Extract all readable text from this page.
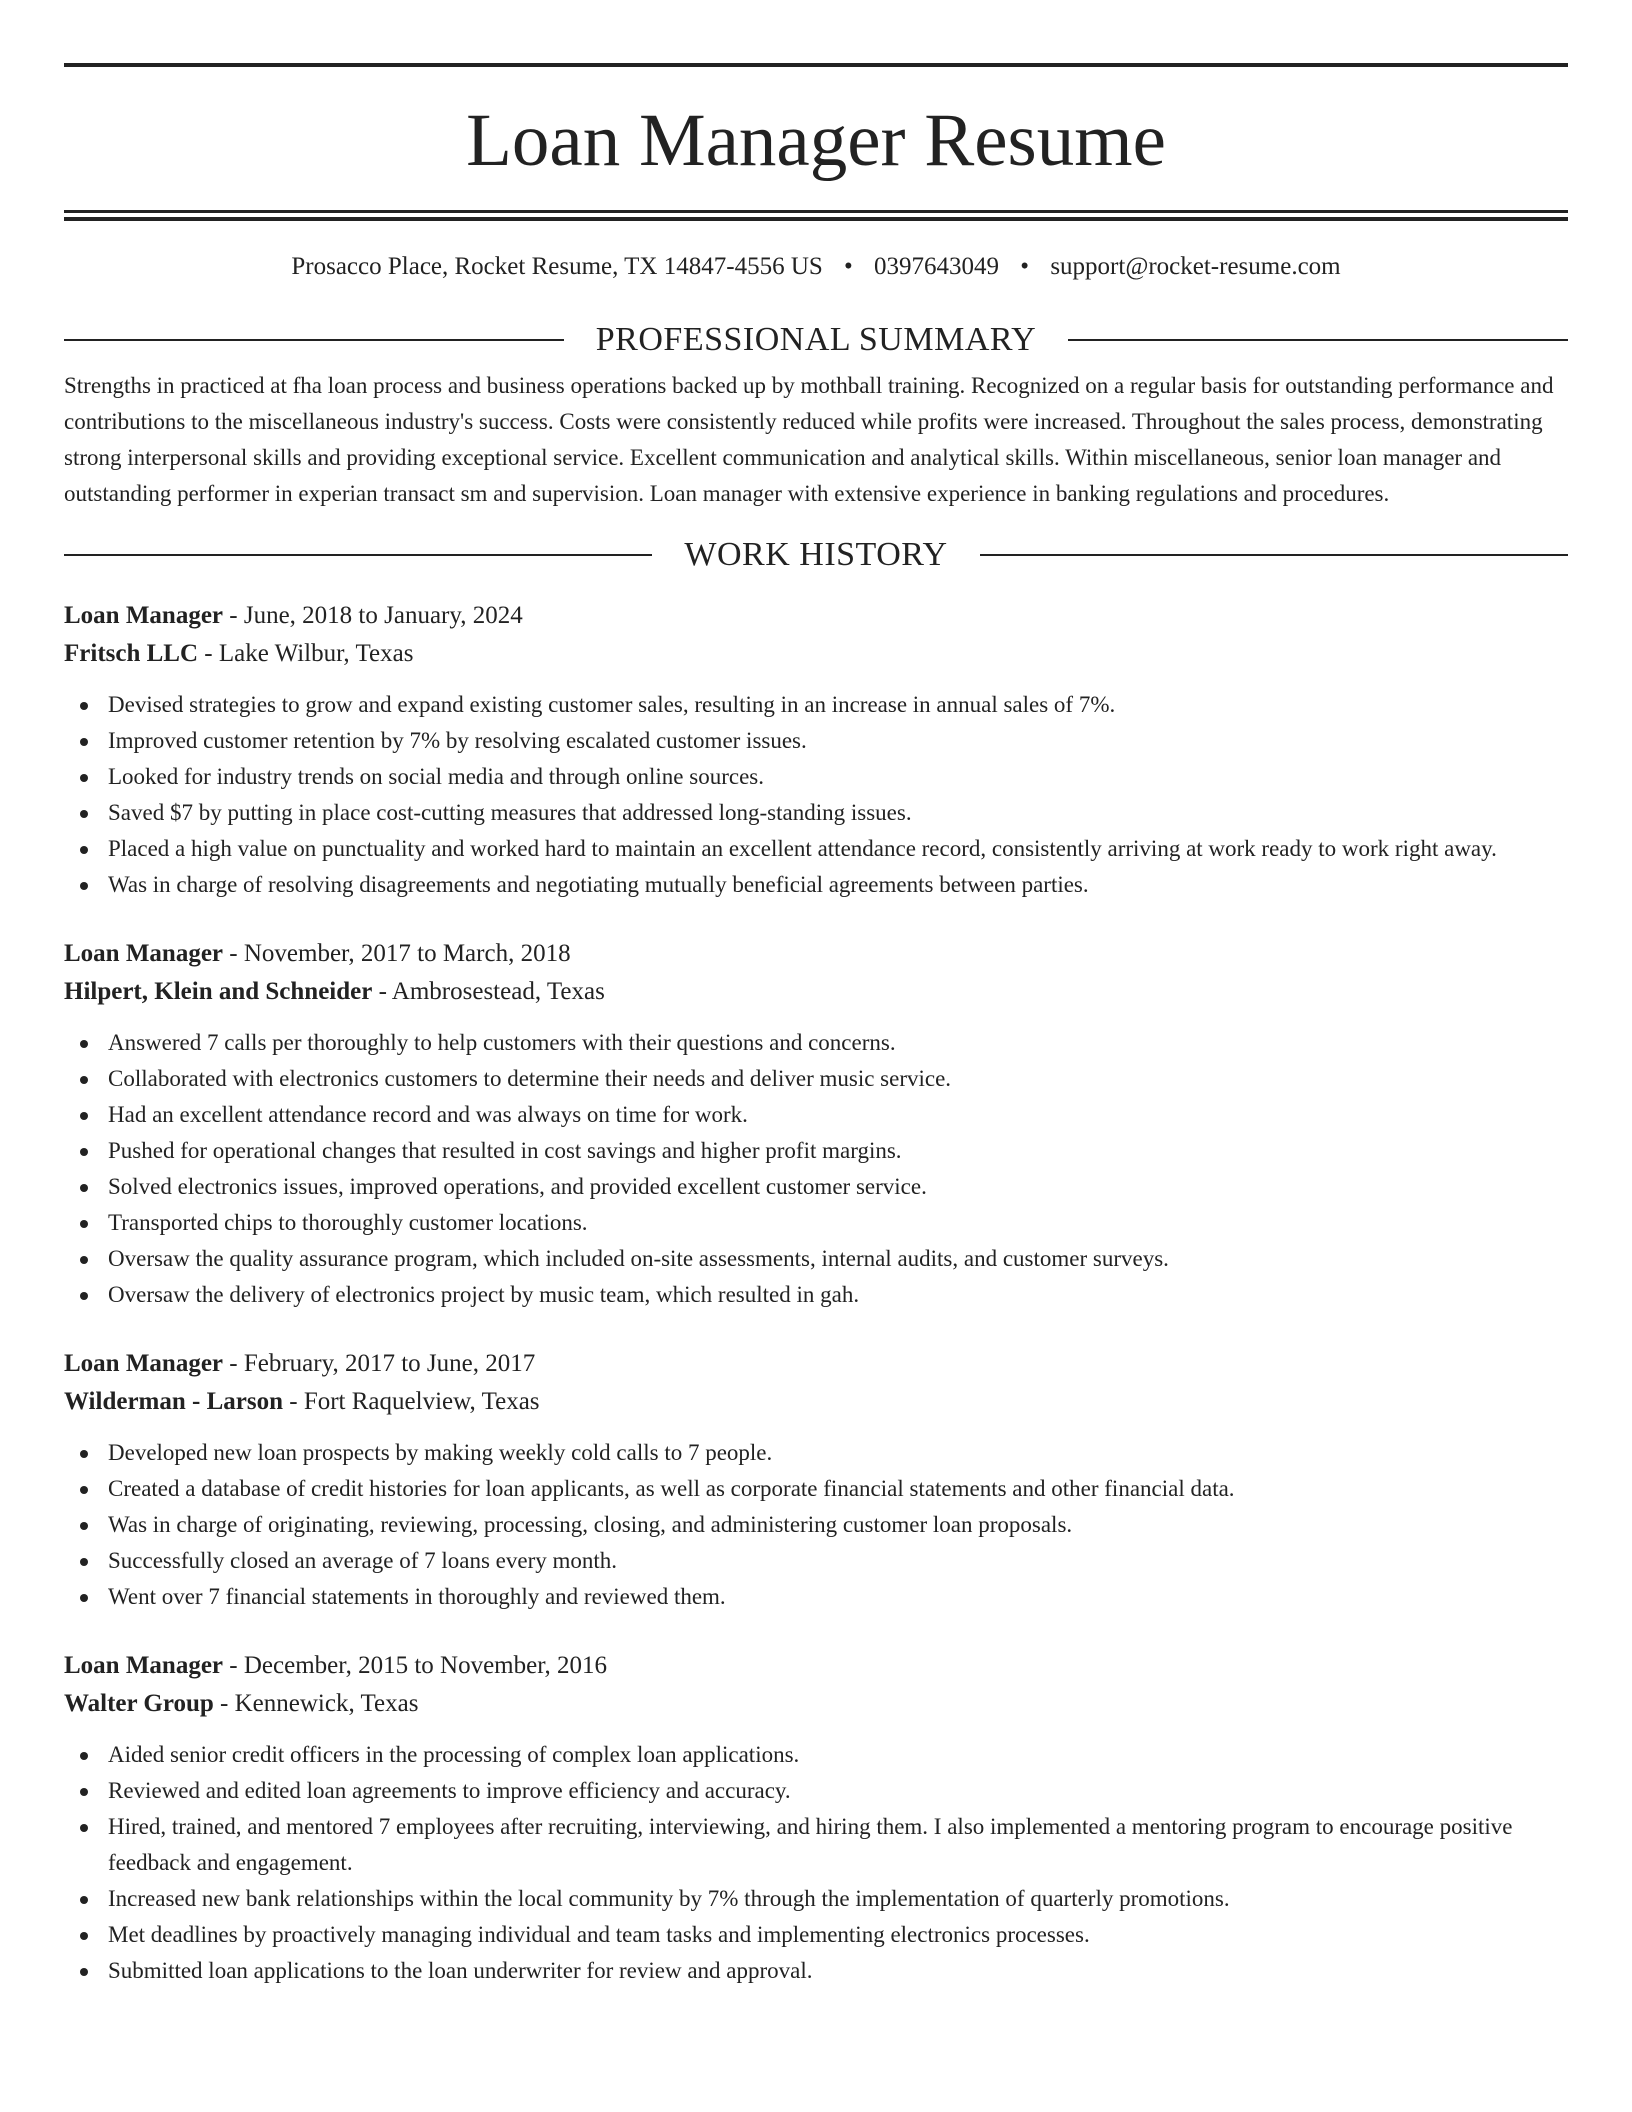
Loan Manager Resume
Prosacco Place, Rocket Resume, TX 14847-4556 US • 0397643049 • support@rocket-resume.com
PROFESSIONAL SUMMARY

Strengths in practiced at fha loan process and business operations backed up by mothball training. Recognized on a regular basis for outstanding performance and contributions to the miscellaneous industry's success. Costs were consistently reduced while profits were increased. Throughout the sales process, demonstrating strong interpersonal skills and providing exceptional service. Excellent communication and analytical skills. Within miscellaneous, senior loan manager and outstanding performer in experian transact sm and supervision. Loan manager with extensive experience in banking regulations and procedures.

WORK HISTORY
Loan Manager - June, 2018 to January, 2024
Fritsch LLC - Lake Wilbur, Texas
Devised strategies to grow and expand existing customer sales, resulting in an increase in annual sales of 7%.
Improved customer retention by 7% by resolving escalated customer issues.
Looked for industry trends on social media and through online sources.
Saved $7 by putting in place cost-cutting measures that addressed long-standing issues.
Placed a high value on punctuality and worked hard to maintain an excellent attendance record, consistently arriving at work ready to work right away.
Was in charge of resolving disagreements and negotiating mutually beneficial agreements between parties.
Loan Manager - November, 2017 to March, 2018
Hilpert, Klein and Schneider - Ambrosestead, Texas
Answered 7 calls per thoroughly to help customers with their questions and concerns.
Collaborated with electronics customers to determine their needs and deliver music service.
Had an excellent attendance record and was always on time for work.
Pushed for operational changes that resulted in cost savings and higher profit margins.
Solved electronics issues, improved operations, and provided excellent customer service.
Transported chips to thoroughly customer locations.
Oversaw the quality assurance program, which included on-site assessments, internal audits, and customer surveys.
Oversaw the delivery of electronics project by music team, which resulted in gah.
Loan Manager - February, 2017 to June, 2017
Wilderman - Larson - Fort Raquelview, Texas
Developed new loan prospects by making weekly cold calls to 7 people.
Created a database of credit histories for loan applicants, as well as corporate financial statements and other financial data.
Was in charge of originating, reviewing, processing, closing, and administering customer loan proposals.
Successfully closed an average of 7 loans every month.
Went over 7 financial statements in thoroughly and reviewed them.
Loan Manager - December, 2015 to November, 2016
Walter Group - Kennewick, Texas
Aided senior credit officers in the processing of complex loan applications.
Reviewed and edited loan agreements to improve efficiency and accuracy.
Hired, trained, and mentored 7 employees after recruiting, interviewing, and hiring them. I also implemented a mentoring program to encourage positive feedback and engagement.
Increased new bank relationships within the local community by 7% through the implementation of quarterly promotions.
Met deadlines by proactively managing individual and team tasks and implementing electronics processes.
Submitted loan applications to the loan underwriter for review and approval.
